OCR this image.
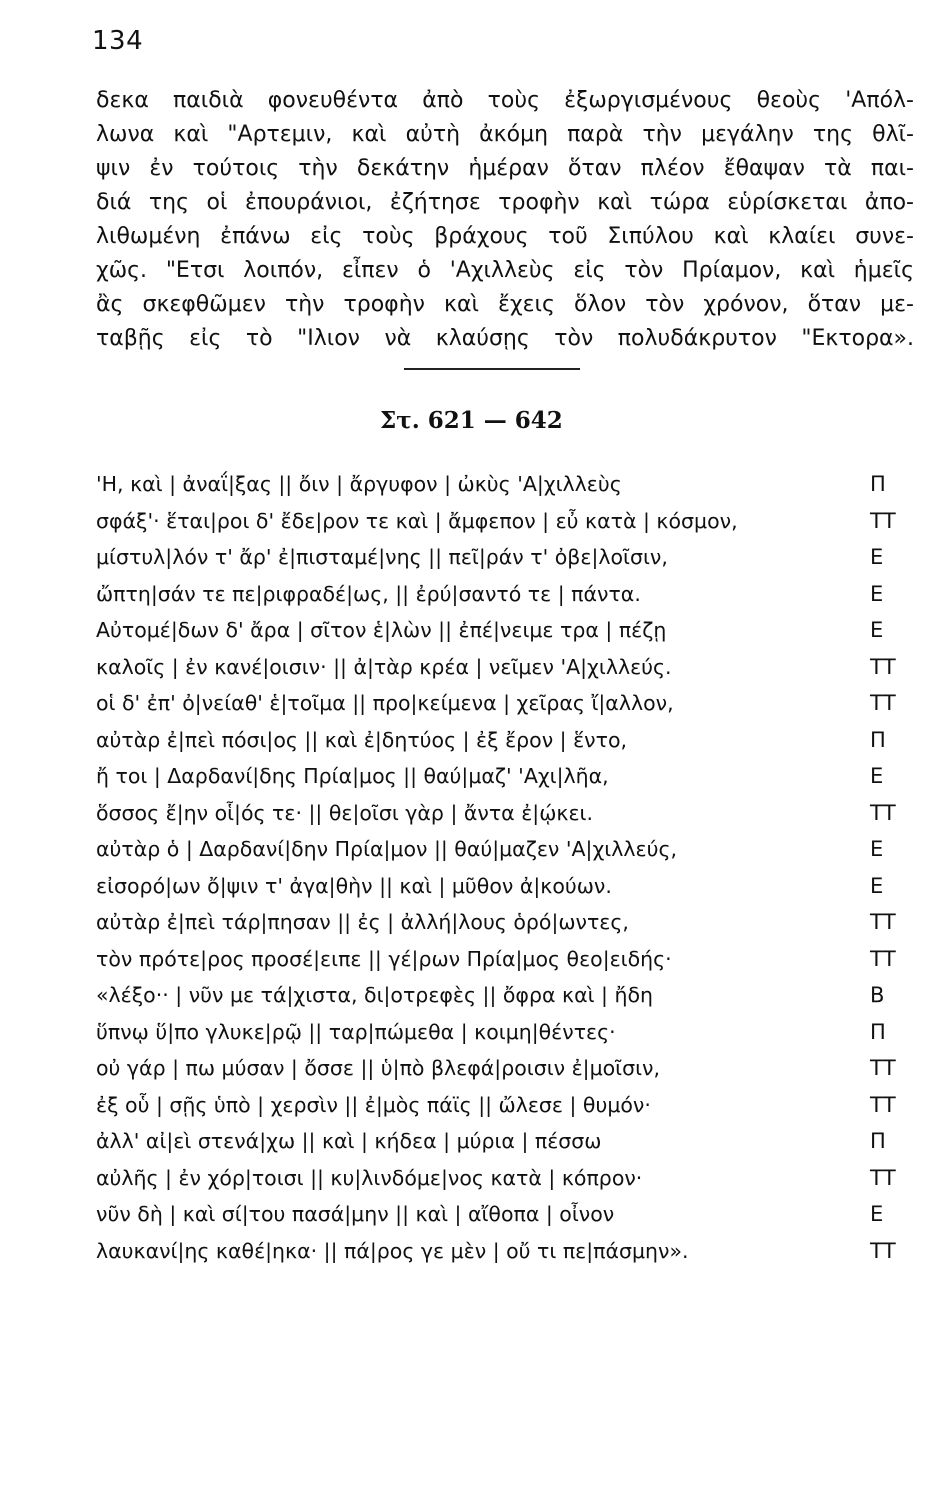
134
δεκα παιδιὰ φονευθέντα ἀπὸ τοὺς ἐξωργισμένους θεοὺς 'Απόλ-
λωνα καὶ "Αρτεμιν, καὶ αὐτὴ ἀκόμη παρὰ τὴν μεγάλην της θλῖ-
ψιν ἐν τούτοις τὴν δεκάτην ἡμέραν ὅταν πλέον ἔθαψαν τὰ παι-
διά της οἱ ἐπουράνιοι, ἐζήτησε τροφὴν καὶ τώρα εὑρίσκεται ἀπο-
λιθωμένη ἐπάνω εἰς τοὺς βράχους τοῦ Σιπύλου καὶ κλαίει συνε-
χῶς. "Ετσι λοιπόν, εἶπεν ὁ 'Αχιλλεὺς εἰς τὸν Πρίαμον, καὶ ἡμεῖς
ἂς σκεφθῶμεν τὴν τροφὴν καὶ ἔχεις ὅλον τὸν χρόνον, ὅταν με-
ταβῇς εἰς τὸ "Ιλιον νὰ κλαύσῃς τὸν πολυδάκρυτον "Εκτορα».
Στ. 621 — 642
'Η, καὶ | ἀναΐ|ξας || ὄιν | ἄργυφον | ὠκὺς 'Α|χιλλεὺς	Π
σφάξ'· ἕται|ροι δ' ἔδε|ρον τε καὶ | ἄμφεπον | εὖ κατὰ | κόσμον,	ΤΤ
μίστυλ|λόν τ' ἄρ' ἐ|πισταμέ|νης || πεῖ|ράν τ' ὀβε|λοῖσιν,	Ε
ὤπτη|σάν τε πε|ριφραδέ|ως, || ἐρύ|σαντό τε | πάντα.	Ε
Αὐτομέ|δων δ' ἄρα | σῖτον ἑ|λὼν || ἐπέ|νειμε τρα | πέζῃ	Ε
καλοῖς | ἐν κανέ|οισιν· || ἀ|τὰρ κρέα | νεῖμεν 'Α|χιλλεύς.	ΤΤ
οἱ δ' ἐπ' ὀ|νείαθ' ἑ|τοῖμα || προ|κείμενα | χεῖρας ἴ|αλλον,	ΤΤ
αὐτὰρ ἐ|πεὶ πόσι|ος || καὶ ἐ|δητύος | ἐξ ἔρον | ἕντο,	Π
ἤ τοι | Δαρδανί|δης Πρία|μος || θαύ|μαζ' 'Αχι|λῆα,	Ε
ὅσσος ἔ|ην οἷ|ός τε· || θε|οῖσι γὰρ | ἄντα ἐ|ῴκει.	ΤΤ
αὐτὰρ ὁ | Δαρδανί|δην Πρία|μον || θαύ|μαζεν 'Α|χιλλεύς,	Ε
εἰσορό|ων ὄ|ψιν τ' ἀγα|θὴν || καὶ | μῦθον ἀ|κούων.	Ε
αὐτὰρ ἐ|πεὶ τάρ|πησαν || ἐς | ἀλλή|λους ὁρό|ωντες,	ΤΤ
τὸν πρότε|ρος προσέ|ειπε || γέ|ρων Πρία|μος θεο|ειδής·	ΤΤ
«λέξο·· | νῦν με τά|χιστα, δι|οτρεφὲς || ὄφρα καὶ | ἤδη	Β
ὕπνῳ ὕ|πο γλυκε|ρῷ || ταρ|πώμεθα | κοιμη|θέντες·	Π
οὐ γάρ | πω μύσαν | ὄσσε || ὑ|πὸ βλεφά|ροισιν ἐ|μοῖσιν,	ΤΤ
ἐξ οὗ | σῇς ὑπὸ | χερσὶν || ἐ|μὸς πάϊς || ὤλεσε | θυμόν·	ΤΤ
ἀλλ' αἰ|εὶ στενά|χω || καὶ | κήδεα | μύρια | πέσσω	Π
αὐλῆς | ἐν χόρ|τοισι || κυ|λινδόμε|νος κατὰ | κόπρον·	ΤΤ
νῦν δὴ | καὶ σί|του πασά|μην || καὶ | αἴθοπα | οἶνον	Ε
λαυκανί|ης καθέ|ηκα· || πά|ρος γε μὲν | οὔ τι πε|πάσμην».	ΤΤ
